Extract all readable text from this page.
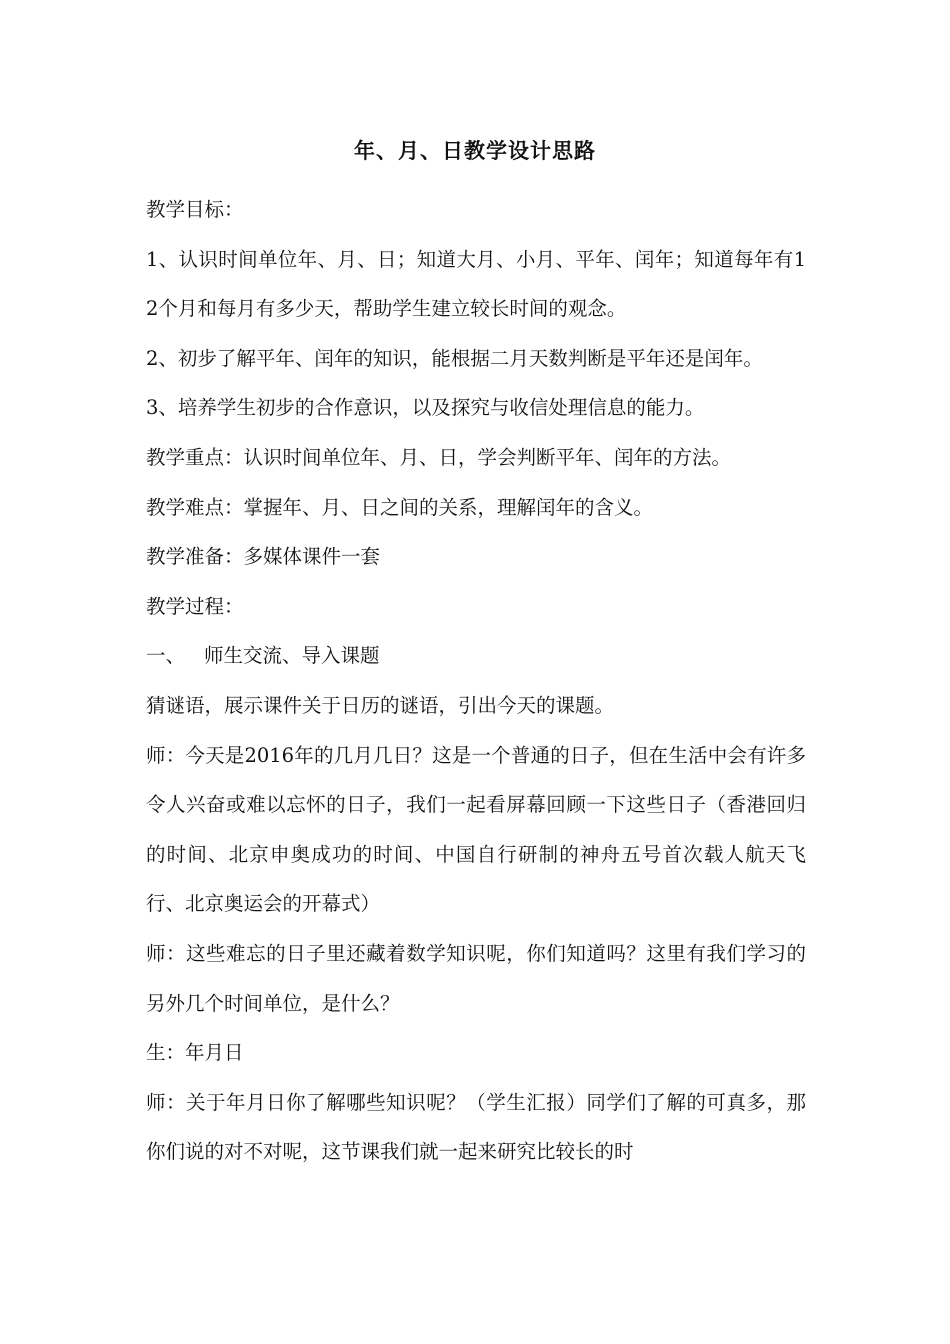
年、月、日教学设计思路

教学目标：

1、认识时间单位年、月、日；知道大月、小月、平年、闰年；知道每年有12个月和每月有多少天，帮助学生建立较长时间的观念。

2、初步了解平年、闰年的知识，能根据二月天数判断是平年还是闰年。

3、培养学生初步的合作意识，以及探究与收信处理信息的能力。

教学重点：认识时间单位年、月、日，学会判断平年、闰年的方法。

教学难点：掌握年、月、日之间的关系，理解闰年的含义。

教学准备：多媒体课件一套

教学过程：

一、 师生交流、导入课题

猜谜语，展示课件关于日历的谜语，引出今天的课题。

师：今天是2016年的几月几日？这是一个普通的日子，但在生活中会有许多令人兴奋或难以忘怀的日子，我们一起看屏幕回顾一下这些日子（香港回归的时间、北京申奥成功的时间、中国自行研制的神舟五号首次载人航天飞行、北京奥运会的开幕式）

师：这些难忘的日子里还藏着数学知识呢，你们知道吗？这里有我们学习的另外几个时间单位，是什么？

生：年月日

师：关于年月日你了解哪些知识呢？（学生汇报）同学们了解的可真多，那你们说的对不对呢，这节课我们就一起来研究比较长的时
